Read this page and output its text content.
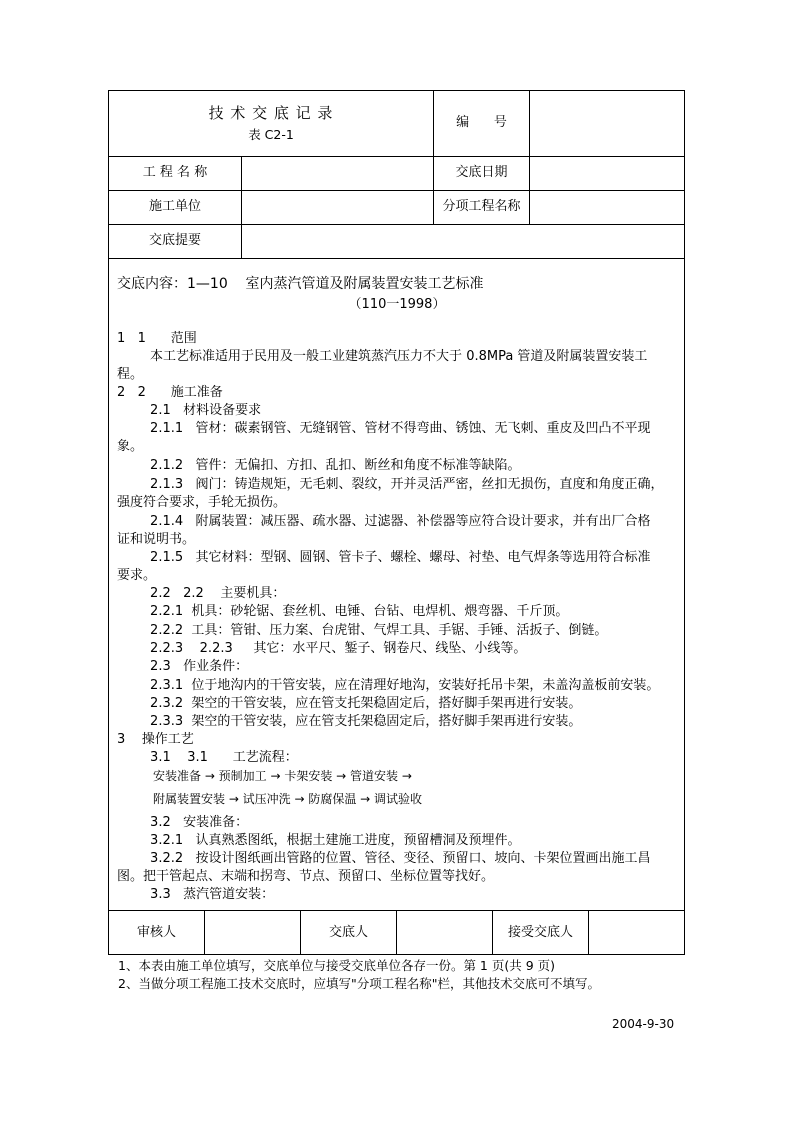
技 术 交 底 记 录
表 C2-1
编      号
工 程 名 称	交底日期
施工单位	分项工程名称
交底提要
交底内容：1—10    室内蒸汽管道及附属装置安装工艺标准
（110一1998）
1   1      范围
本工艺标准适用于民用及一般工业建筑蒸汽压力不大于 0.8MPa 管道及附属装置安装工
程。
2   2      施工准备
2.1   材料设备要求
2.1.1   管材：碳素钢管、无缝钢管、管材不得弯曲、锈蚀、无飞刺、重皮及凹凸不平现
象。
2.1.2   管件：无偏扣、方扣、乱扣、断丝和角度不标准等缺陷。
2.1.3   阀门：铸造规矩，无毛刺、裂纹，开并灵活严密，丝扣无损伤，直度和角度正确，
强度符合要求，手轮无损伤。
2.1.4   附属装置：减压器、疏水器、过滤器、补偿器等应符合设计要求，并有出厂合格
证和说明书。
2.1.5   其它材料：型钢、圆钢、管卡子、螺栓、螺母、衬垫、电气焊条等选用符合标准
要求。
2.2   2.2    主要机具：
2.2.1  机具：砂轮锯、套丝机、电锤、台钻、电焊机、煨弯器、千斤顶。
2.2.2  工具：管钳、压力案、台虎钳、气焊工具、手锯、手锤、活扳子、倒链。
2.2.3    2.2.3     其它：水平尺、錾子、钢卷尺、线坠、小线等。
2.3   作业条件：
2.3.1  位于地沟内的干管安装，应在清理好地沟，安装好托吊卡架，未盖沟盖板前安装。
2.3.2  架空的干管安装，应在管支托架稳固定后，搭好脚手架再进行安装。
2.3.3  架空的干管安装，应在管支托架稳固定后，搭好脚手架再进行安装。
3    操作工艺
3.1    3.1      工艺流程：
安装准备 → 预制加工 → 卡架安装 → 管道安装 →
附属装置安装 → 试压冲洗 → 防腐保温 → 调试验收
3.2   安装准备：
3.2.1   认真熟悉图纸，根据土建施工进度，预留槽洞及预埋件。
3.2.2   按设计图纸画出管路的位置、管径、变径、预留口、坡向、卡架位置画出施工昌
图。把干管起点、末端和拐弯、节点、预留口、坐标位置等找好。
3.3   蒸汽管道安装：
审核人	交底人	接受交底人
1、本表由施工单位填写，交底单位与接受交底单位各存一份。第 1 页(共 9 页)
2、当做分项工程施工技术交底时，应填写"分项工程名称"栏，其他技术交底可不填写。
2004-9-30
